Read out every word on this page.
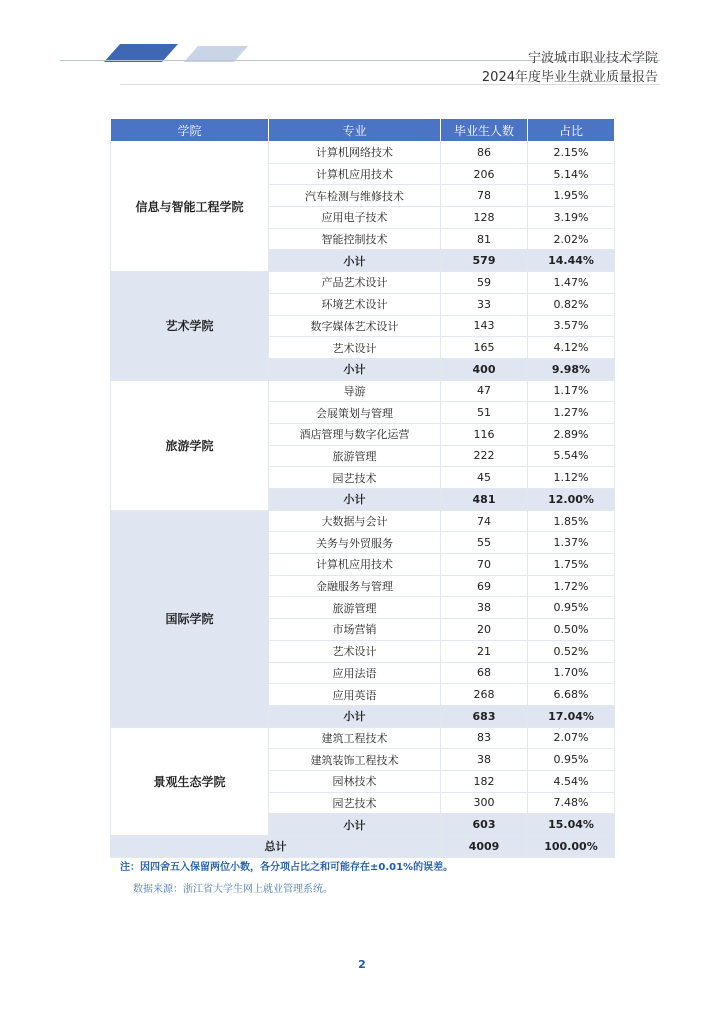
宁波城市职业技术学院
2024年度毕业生就业质量报告
学院	专业	毕业生人数	占比
信息与智能工程学院	计算机网络技术	86	2.15%
	计算机应用技术	206	5.14%
	汽车检测与维修技术	78	1.95%
	应用电子技术	128	3.19%
	智能控制技术	81	2.02%
	小计	579	14.44%
艺术学院	产品艺术设计	59	1.47%
	环境艺术设计	33	0.82%
	数字媒体艺术设计	143	3.57%
	艺术设计	165	4.12%
	小计	400	9.98%
旅游学院	导游	47	1.17%
	会展策划与管理	51	1.27%
	酒店管理与数字化运营	116	2.89%
	旅游管理	222	5.54%
	园艺技术	45	1.12%
	小计	481	12.00%
国际学院	大数据与会计	74	1.85%
	关务与外贸服务	55	1.37%
	计算机应用技术	70	1.75%
	金融服务与管理	69	1.72%
	旅游管理	38	0.95%
	市场营销	20	0.50%
	艺术设计	21	0.52%
	应用法语	68	1.70%
	应用英语	268	6.68%
	小计	683	17.04%
景观生态学院	建筑工程技术	83	2.07%
	建筑装饰工程技术	38	0.95%
	园林技术	182	4.54%
	园艺技术	300	7.48%
	小计	603	15.04%
总计		4009	100.00%
注：因四舍五入保留两位小数，各分项占比之和可能存在±0.01%的误差。
数据来源：浙江省大学生网上就业管理系统。
2
